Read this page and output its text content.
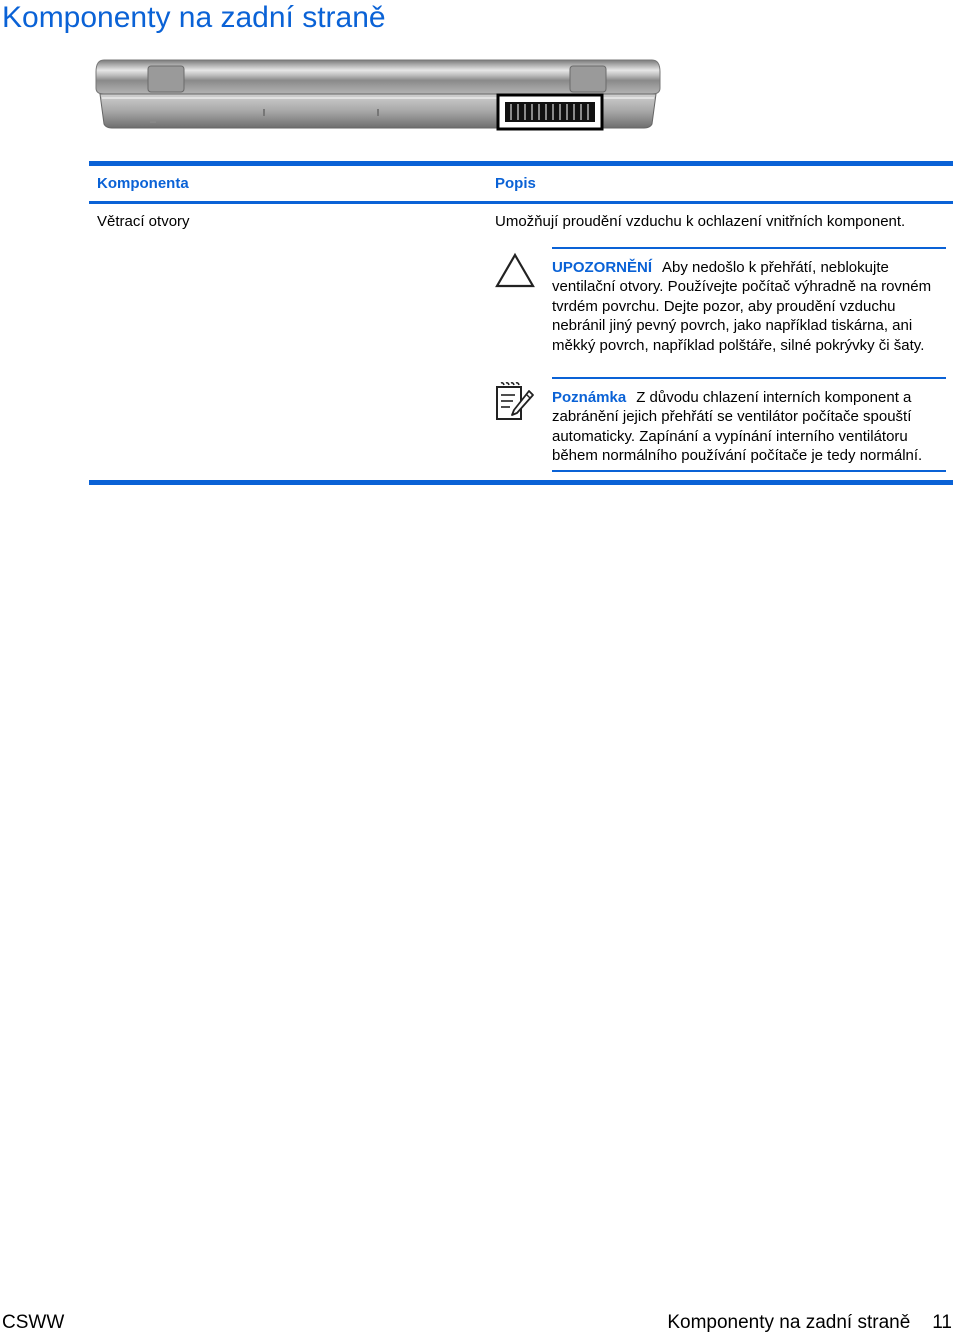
Komponenty na zadní straně
Komponenta	Popis
Větrací otvory	Umožňují proudění vzduchu k ochlazení vnitřních komponent.

UPOZORNĚNÍ Aby nedošlo k přehřátí, neblokujte ventilační otvory. Používejte počítač výhradně na rovném tvrdém povrchu. Dejte pozor, aby proudění vzduchu nebránil jiný pevný povrch, jako například tiskárna, ani měkký povrch, například polštáře, silné pokrývky či šaty.

Poznámka Z důvodu chlazení interních komponent a zabránění jejich přehřátí se ventilátor počítače spouští automaticky. Zapínání a vypínání interního ventilátoru během normálního používání počítače je tedy normální.

CSWW	Komponenty na zadní straně 11
